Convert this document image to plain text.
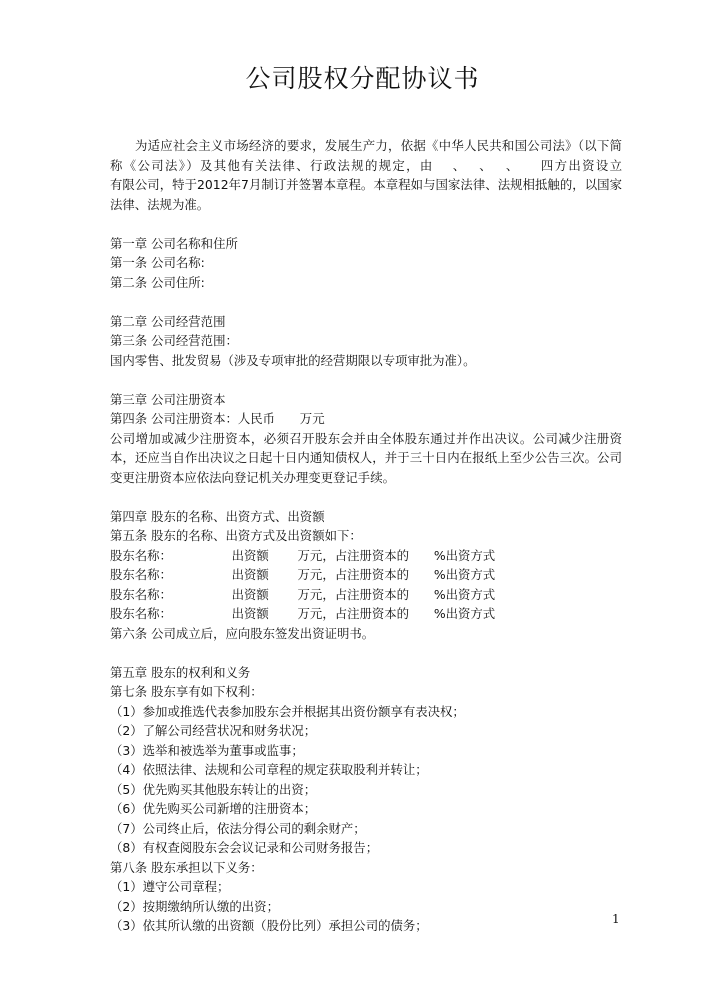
公司股权分配协议书

为适应社会主义市场经济的要求，发展生产力，依据《中华人民共和国公司法》（以下简称《公司法》）及其他有关法律、行政法规的规定，由　 、　 、　 、　　四方出资设立　　　　　　　有限公司，特于2012年7月制订并签署本章程。本章程如与国家法律、法规相抵触的，以国家法律、法规为准。

第一章 公司名称和住所
第一条 公司名称:
第二条 公司住所:
第二章 公司经营范围
第三条 公司经营范围：
国内零售、批发贸易（涉及专项审批的经营期限以专项审批为准）。
第三章 公司注册资本
第四条 公司注册资本：人民币　　万元

公司增加或减少注册资本，必须召开股东会并由全体股东通过并作出决议。公司减少注册资本，还应当自作出决议之日起十日内通知债权人，并于三十日内在报纸上至少公告三次。公司变更注册资本应依法向登记机关办理变更登记手续。

第四章 股东的名称、出资方式、出资额
第五条 股东的名称、出资方式及出资额如下：
股东名称：　　　　　 出资额　　 万元，占注册资本的　　%出资方式
股东名称：　　　　　 出资额　　 万元，占注册资本的　　%出资方式
股东名称：　　　　　 出资额　　 万元，占注册资本的　　%出资方式
股东名称：　　　　　 出资额　　 万元，占注册资本的　　%出资方式
第六条 公司成立后，应向股东签发出资证明书。
第五章 股东的权利和义务
第七条 股东享有如下权利：
（1）参加或推选代表参加股东会并根据其出资份额享有表决权；
（2）了解公司经营状况和财务状况；
（3）选举和被选举为董事或监事；
（4）依照法律、法规和公司章程的规定获取股利并转让；
（5）优先购买其他股东转让的出资；
（6）优先购买公司新增的注册资本；
（7）公司终止后，依法分得公司的剩余财产；
（8）有权查阅股东会会议记录和公司财务报告；
第八条 股东承担以下义务：
（1）遵守公司章程；
（2）按期缴纳所认缴的出资；
（3）依其所认缴的出资额（股份比列）承担公司的债务；	1
